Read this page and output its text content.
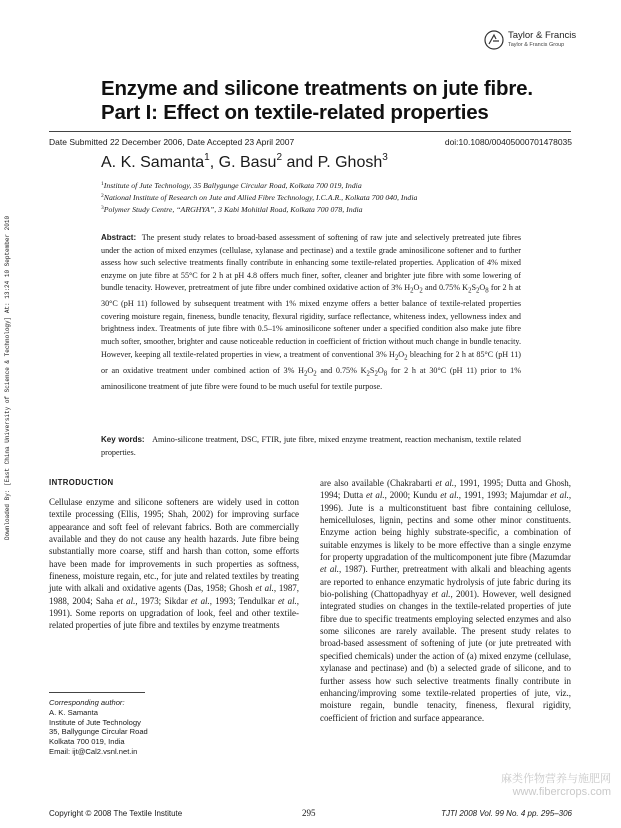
Taylor & Francis
Taylor & Francis Group
Enzyme and silicone treatments on jute fibre.
Part I: Effect on textile-related properties
Date Submitted 22 December 2006, Date Accepted 23 April 2007	doi:10.1080/00405000701478035
A. K. Samanta$^1$, G. Basu$^2$ and P. Ghosh$^3$
$^1$Institute of Jute Technology, 35 Ballygunge Circular Road, Kolkata 700 019, India
$^2$National Institute of Research on Jute and Allied Fibre Technology, I.C.A.R., Kolkata 700 040, India
$^3$Polymer Study Centre, “ARGHYA”, 3 Kabi Mohitlal Road, Kolkata 700 078, India
Abstract: The present study relates to broad-based assessment of softening of raw jute and selectively pretreated jute fibres under the action of mixed enzymes (cellulase, xylanase and pectinase) and a textile grade aminosilicone softener and to further assess how such selective treatments finally contribute in enhancing some textile-related properties. Application of 4% mixed enzyme on jute fibre at 55°C for 2 h at pH 4.8 offers much finer, softer, cleaner and brighter jute fibre with some lowering of bundle tenacity. However, pretreatment of jute fibre under combined oxidative action of 3% $H_2O_2$ and 0.75% $K_2S_2O_8$ for 2 h at 30°C (pH 11) followed by subsequent treatment with 1% mixed enzyme offers a better balance of textile-related properties covering moisture regain, fineness, bundle tenacity, flexural rigidity, surface reflectance, whiteness index, yellowness index and brightness index. Treatments of jute fibre with 0.5–1% aminosilicone softener under a specified condition also make jute fibre much softer, smoother, brighter and cause noticeable reduction in coefficient of friction without much change in bundle tenacity. However, keeping all textile-related properties in view, a treatment of conventional 3% $H_2O_2$ bleaching for 2 h at 85°C (pH 11) or an oxidative treatment under combined action of 3% $H_2O_2$ and 0.75% $K_2S_2O_8$ for 2 h at 30°C (pH 11) prior to 1% aminosilicone treatment of jute fibre were found to be much useful for textile purpose.
Key words: Amino-silicone treatment, DSC, FTIR, jute fibre, mixed enzyme treatment, reaction mechanism, textile related properties.
INTRODUCTION
Cellulase enzyme and silicone softeners are widely used in cotton textile processing (Ellis, 1995; Shah, 2002) for improving surface appearance and soft feel of relevant fabrics. Both are commercially available and they do not cause any health hazards. Jute fibre being substantially more coarse, stiff and harsh than cotton, some efforts have been made for improvements in such properties as softness, fineness, moisture regain, etc., for jute and related textiles by treating jute with alkali and oxidative agents (Das, 1958; Ghosh et al., 1987, 1988, 2004; Saha et al., 1973; Sikdar et al., 1993; Tendulkar et al., 1991). Some reports on upgradation of look, feel and other textile-related properties of jute fibre and textiles by enzyme treatments
are also available (Chakrabarti et al., 1991, 1995; Dutta and Ghosh, 1994; Dutta et al., 2000; Kundu et al., 1991, 1993; Majumdar et al., 1996). Jute is a multiconstituent bast fibre containing cellulose, hemicelluloses, lignin, pectins and some other minor constituents. Enzyme action being highly substrate-specific, a combination of suitable enzymes is likely to be more effective than a single enzyme for property upgradation of the multicomponent jute fibre (Mazumdar et al., 1987). Further, pretreatment with alkali and bleaching agents are reported to enhance enzymatic hydrolysis of jute fabric during its bio-polishing (Chattopadhyay et al., 2001). However, well designed integrated studies on changes in the textile-related properties of jute fibre due to specific treatments employing selected enzymes and also some silicones are rarely available. The present study relates to broad-based assessment of softening of jute (or jute pretreated with specified chemicals) under the action of (a) mixed enzyme (cellulase, xylanase and pectinase) and (b) a selected grade of silicone, and to further assess how such selective treatments finally contribute in enhancing/improving some textile-related properties of jute, viz., moisture regain, bundle tenacity, fineness, flexural rigidity, coefficient of friction and surface appearance.
Corresponding author:
A. K. Samanta
Institute of Jute Technology
35, Ballygunge Circular Road
Kolkata 700 019, India
Email: ijt@Cal2.vsnl.net.in
Copyright © 2008 The Textile Institute	295	TJTI 2008 Vol. 99 No. 4 pp. 295–306
Downloaded By: [East China University of Science & Technology] At: 13:24 10 September 2010
麻类作物营养与施肥网
www.fibercrops.com
